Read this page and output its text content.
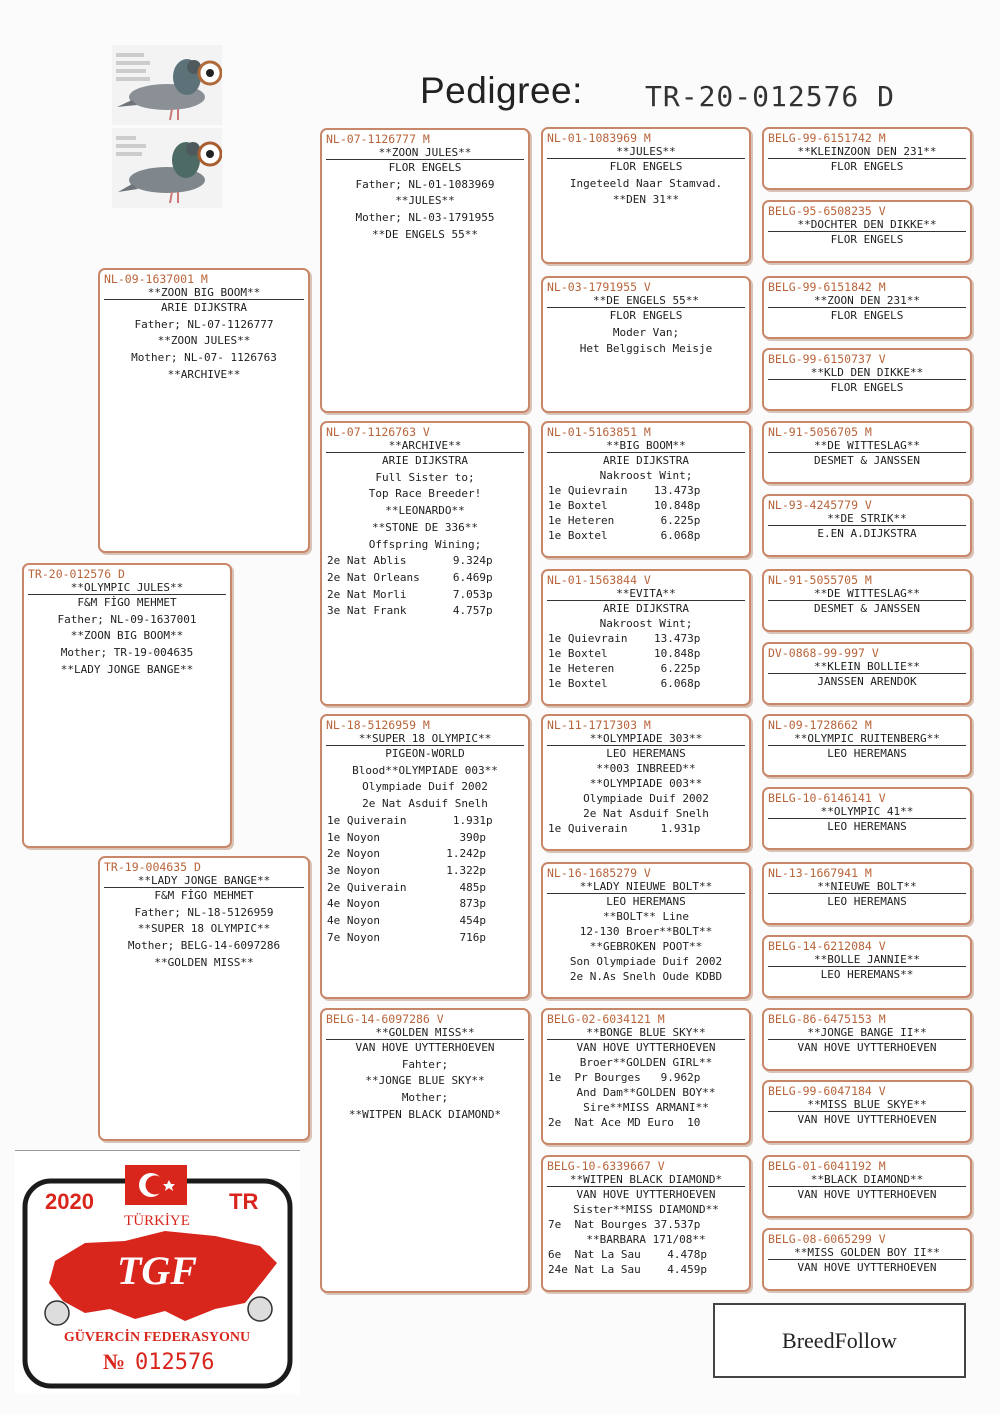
Pedigree: TR-20-012576 D
TR-20-012576 D
**OLYMPIC JULES**
F&M FİGO MEHMET
Father; NL-09-1637001
**ZOON BIG BOOM**
Mother; TR-19-004635
**LADY JONGE BANGE**
NL-09-1637001 M
**ZOON BIG BOOM**
ARIE DIJKSTRA
Father; NL-07-1126777
**ZOON JULES**
Mother; NL-07- 1126763
**ARCHIVE**
TR-19-004635 D
**LADY JONGE BANGE**
F&M FİGO MEHMET
Father; NL-18-5126959
**SUPER 18 OLYMPIC**
Mother; BELG-14-6097286
**GOLDEN MISS**
NL-07-1126777 M
**ZOON JULES**
FLOR ENGELS
Father; NL-01-1083969
**JULES**
Mother; NL-03-1791955
**DE ENGELS 55**
NL-07-1126763 V
**ARCHIVE**
ARIE DIJKSTRA
Full Sister to;
Top Race Breeder!
**LEONARDO**
**STONE DE 336**
Offspring Wining;
2e Nat Ablis       9.324p
2e Nat Orleans     6.469p
2e Nat Morli       7.053p
3e Nat Frank       4.757p
NL-18-5126959 M
**SUPER 18 OLYMPIC**
PIGEON-WORLD
Blood**OLYMPIADE 003**
Olympiade Duif 2002
2e Nat Asduif Snelh
1e Quiverain       1.931p
1e Noyon            390p
2e Noyon          1.242p
3e Noyon          1.322p
2e Quiverain        485p
4e Noyon            873p
4e Noyon            454p
7e Noyon            716p
BELG-14-6097286 V
**GOLDEN MISS**
VAN HOVE UYTTERHOEVEN
Fahter;
**JONGE BLUE SKY**
Mother;
**WITPEN BLACK DIAMOND*
NL-01-1083969 M
**JULES**
FLOR ENGELS
Ingeteeld Naar Stamvad.
**DEN 31**
NL-03-1791955 V
**DE ENGELS 55**
FLOR ENGELS
Moder Van;
Het Belggisch Meisje
NL-01-5163851 M
**BIG BOOM**
ARIE DIJKSTRA
Nakroost Wint;
1e Quievrain    13.473p
1e Boxtel       10.848p
1e Heteren       6.225p
1e Boxtel        6.068p
NL-01-1563844 V
**EVITA**
ARIE DIJKSTRA
Nakroost Wint;
1e Quievrain    13.473p
1e Boxtel       10.848p
1e Heteren       6.225p
1e Boxtel        6.068p
NL-11-1717303 M
**OLYMPIADE 303**
LEO HEREMANS
**003 INBREED**
**OLYMPIADE 003**
Olympiade Duif 2002
2e Nat Asduif Snelh
1e Quiverain     1.931p
NL-16-1685279 V
**LADY NIEUWE BOLT**
LEO HEREMANS
**BOLT** Line
12-130 Broer**BOLT**
**GEBROKEN POOT**
Son Olympiade Duif 2002
2e N.As Snelh Oude KDBD
BELG-02-6034121 M
**BONGE BLUE SKY**
VAN HOVE UYTTERHOEVEN
Broer**GOLDEN GIRL**
1e  Pr Bourges   9.962p
And Dam**GOLDEN BOY**
Sire**MISS ARMANI**
2e  Nat Ace MD Euro  10
BELG-10-6339667 V
**WITPEN BLACK DIAMOND*
VAN HOVE UYTTERHOEVEN
Sister**MISS DIAMOND**
7e  Nat Bourges 37.537p
**BARBARA 171/08**
6e  Nat La Sau    4.478p
24e Nat La Sau    4.459p
BELG-99-6151742 M
**KLEINZOON DEN 231**
FLOR ENGELS
BELG-95-6508235 V
**DOCHTER DEN DIKKE**
FLOR ENGELS
BELG-99-6151842 M
**ZOON DEN 231**
FLOR ENGELS
BELG-99-6150737 V
**KLD DEN DIKKE**
FLOR ENGELS
NL-91-5056705 M
**DE WITTESLAG**
DESMET & JANSSEN
NL-93-4245779 V
**DE STRIK**
E.EN A.DIJKSTRA
NL-91-5055705 M
**DE WITTESLAG**
DESMET & JANSSEN
DV-0868-99-997 V
**KLEIN BOLLIE**
JANSSEN ARENDOK
NL-09-1728662 M
**OLYMPIC RUITENBERG**
LEO HEREMANS
BELG-10-6146141 V
**OLYMPIC 41**
LEO HEREMANS
NL-13-1667941 M
**NIEUWE BOLT**
LEO HEREMANS
BELG-14-6212084 V
**BOLLE JANNIE**
LEO HEREMANS**
BELG-86-6475153 M
**JONGE BANGE II**
VAN HOVE UYTTERHOEVEN
BELG-99-6047184 V
**MISS BLUE SKYE**
VAN HOVE UYTTERHOEVEN
BELG-01-6041192 M
**BLACK DIAMOND**
VAN HOVE UYTTERHOEVEN
BELG-08-6065299 V
**MISS GOLDEN BOY II**
VAN HOVE UYTTERHOEVEN
2020	TR
TÜRKİYE
TGF
GÜVERCİN FEDERASYONU
№ 012576
BreedFollow
